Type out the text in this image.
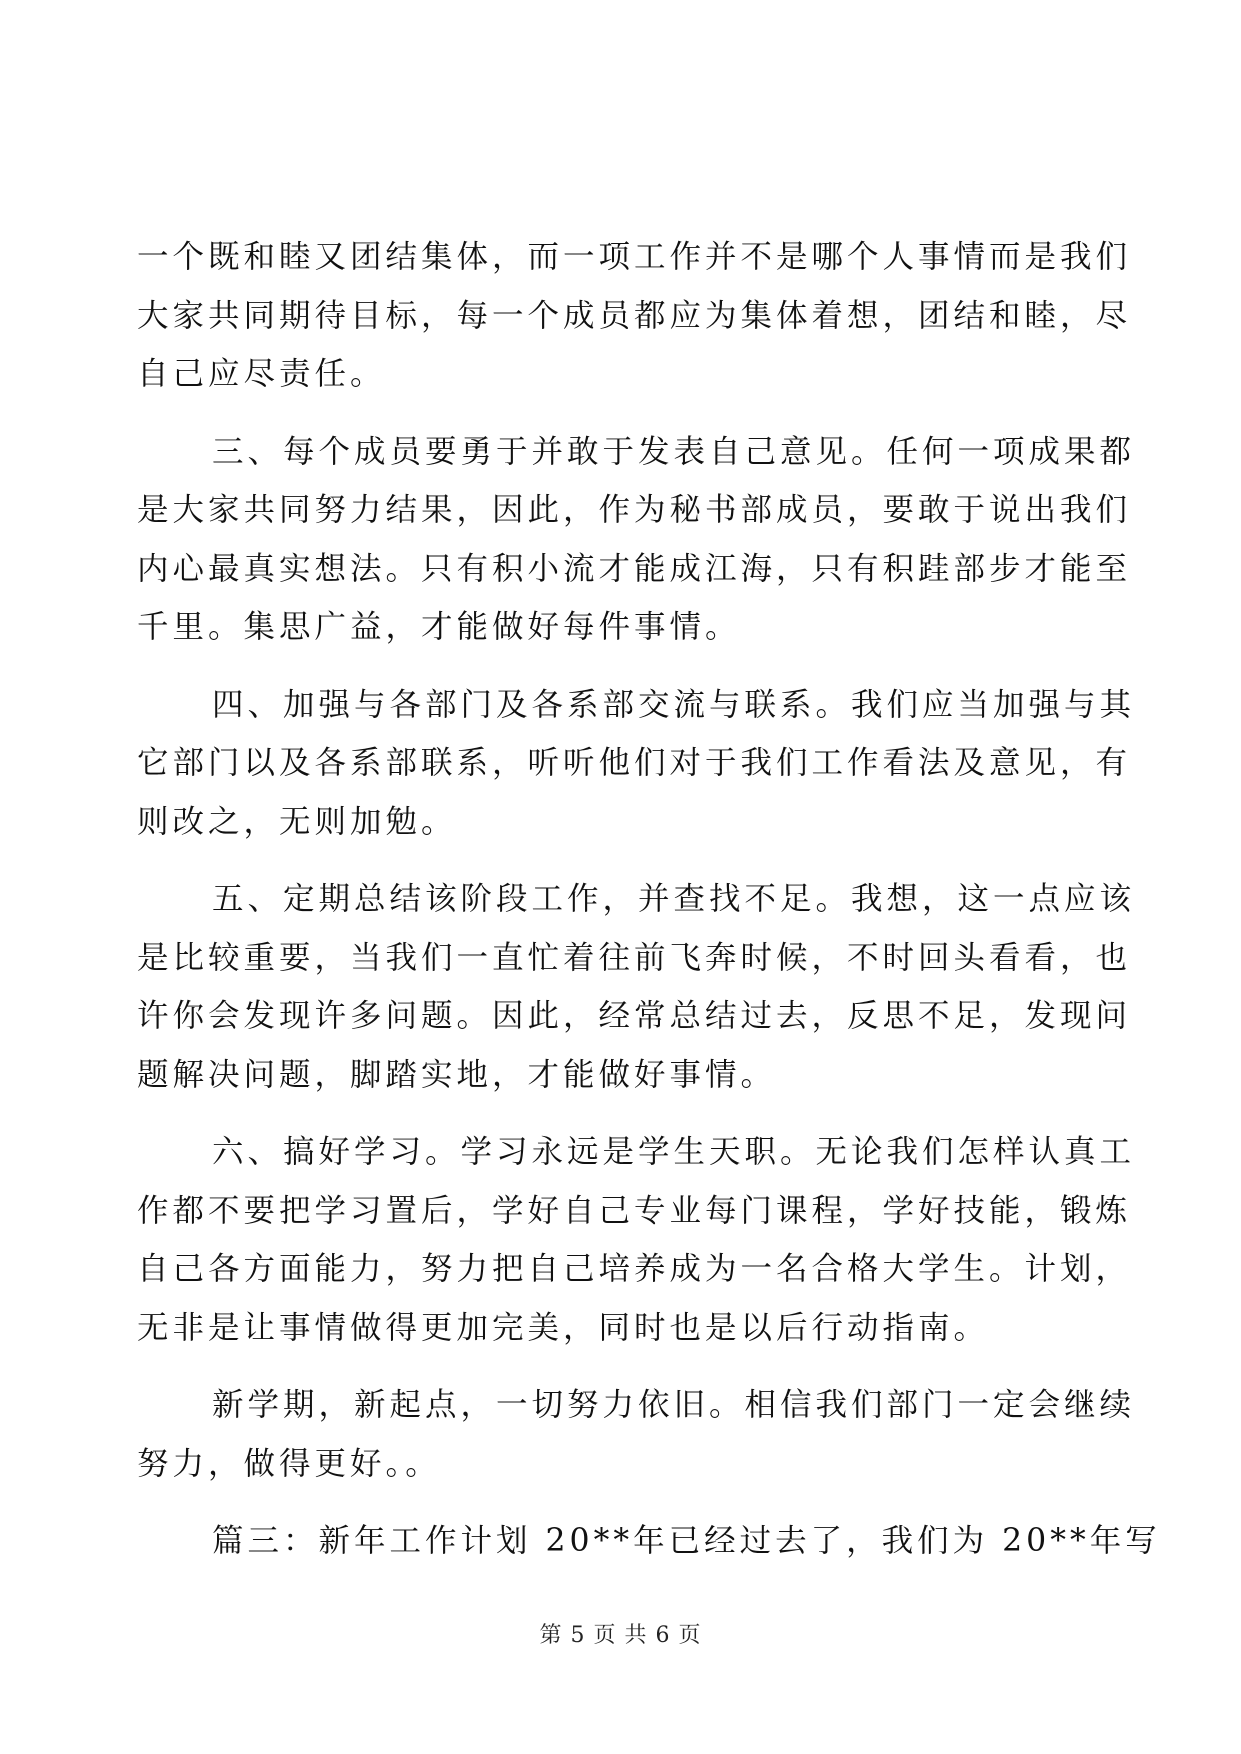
一个既和睦又团结集体，而一项工作并不是哪个人事情而是我们
大家共同期待目标，每一个成员都应为集体着想，团结和睦，尽
自己应尽责任。

三、每个成员要勇于并敢于发表自己意见。任何一项成果都
是大家共同努力结果，因此，作为秘书部成员，要敢于说出我们
内心最真实想法。只有积小流才能成江海，只有积跬部步才能至
千里。集思广益，才能做好每件事情。

四、加强与各部门及各系部交流与联系。我们应当加强与其
它部门以及各系部联系，听听他们对于我们工作看法及意见，有
则改之，无则加勉。

五、定期总结该阶段工作，并查找不足。我想，这一点应该
是比较重要，当我们一直忙着往前飞奔时候，不时回头看看，也
许你会发现许多问题。因此，经常总结过去，反思不足，发现问
题解决问题，脚踏实地，才能做好事情。

六、搞好学习。学习永远是学生天职。无论我们怎样认真工
作都不要把学习置后，学好自己专业每门课程，学好技能，锻炼
自己各方面能力，努力把自己培养成为一名合格大学生。计划，
无非是让事情做得更加完美，同时也是以后行动指南。

新学期，新起点，一切努力依旧。相信我们部门一定会继续
努力，做得更好。。

篇三：新年工作计划 20**年已经过去了，我们为 20**年写

第 5 页 共 6 页
